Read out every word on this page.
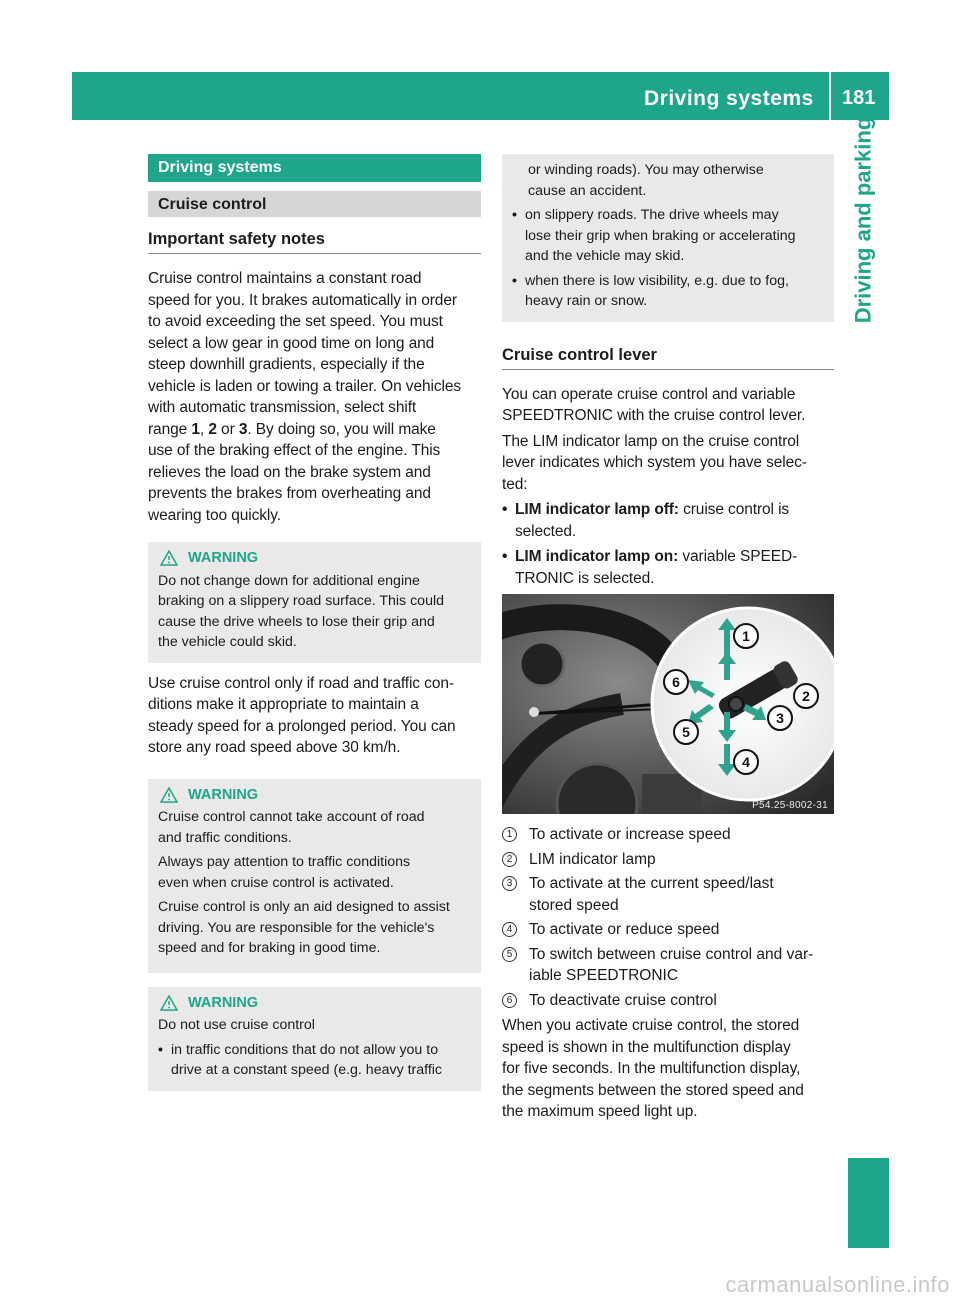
Driving systems 181
Driving and parking
Driving systems
Cruise control
Important safety notes
Cruise control maintains a constant road
speed for you. It brakes automatically in order
to avoid exceeding the set speed. You must
select a low gear in good time on long and
steep downhill gradients, especially if the
vehicle is laden or towing a trailer. On vehicles
with automatic transmission, select shift
range 1, 2 or 3. By doing so, you will make
use of the braking effect of the engine. This
relieves the load on the brake system and
prevents the brakes from overheating and
wearing too quickly.
WARNING
Do not change down for additional engine
braking on a slippery road surface. This could
cause the drive wheels to lose their grip and
the vehicle could skid.
Use cruise control only if road and traffic con-
ditions make it appropriate to maintain a
steady speed for a prolonged period. You can
store any road speed above 30 km/h.
WARNING

Cruise control cannot take account of road
and traffic conditions.

Always pay attention to traffic conditions
even when cruise control is activated.

Cruise control is only an aid designed to assist
driving. You are responsible for the vehicle's
speed and for braking in good time.

WARNING

Do not use cruise control

• in traffic conditions that do not allow you to
drive at a constant speed (e.g. heavy traffic
or winding roads). You may otherwise
cause an accident.
• on slippery roads. The drive wheels may
lose their grip when braking or accelerating
and the vehicle may skid.
• when there is low visibility, e.g. due to fog,
heavy rain or snow.
Cruise control lever
You can operate cruise control and variable
SPEEDTRONIC with the cruise control lever.
The LIM indicator lamp on the cruise control
lever indicates which system you have selec-
ted:
• LIM indicator lamp off: cruise control is
selected.
• LIM indicator lamp on: variable SPEED-
TRONIC is selected.
1
2
3
4
5
6
P54.25-8002-31
1	To activate or increase speed
2	LIM indicator lamp
3	To activate at the current speed/last
stored speed
4	To activate or reduce speed
5	To switch between cruise control and var-
iable SPEEDTRONIC
6	To deactivate cruise control
When you activate cruise control, the stored
speed is shown in the multifunction display
for five seconds. In the multifunction display,
the segments between the stored speed and
the maximum speed light up.
carmanualsonline.info
